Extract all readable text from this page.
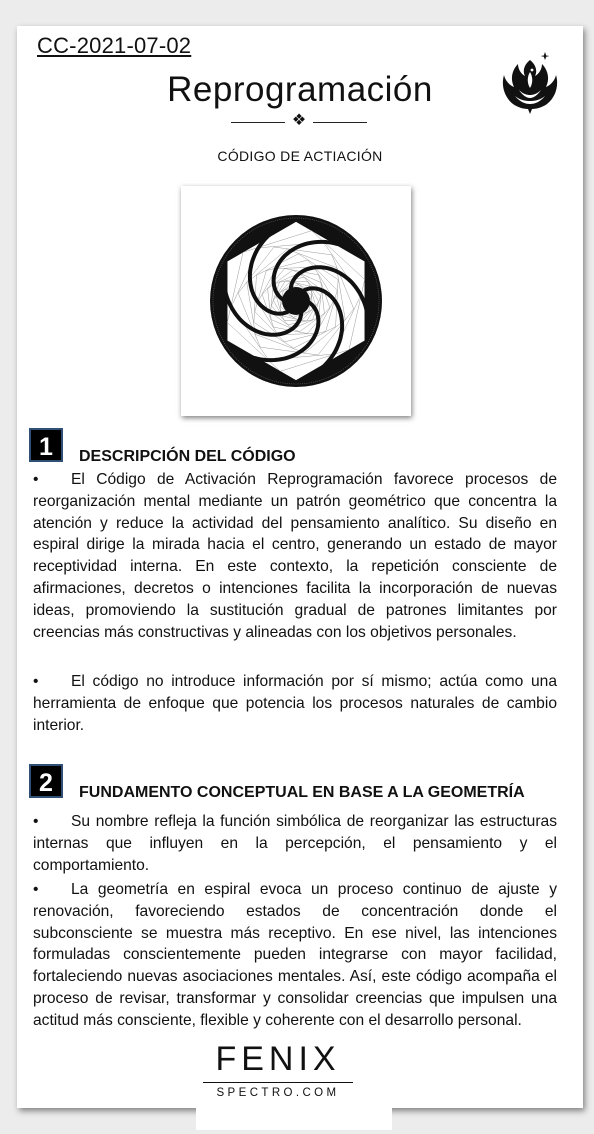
CC-2021-07-02
Reprogramación
❖
CÓDIGO DE ACTIACIÓN
1	DESCRIPCIÓN DEL CÓDIGO

• El Código de Activación Reprogramación favorece procesos de reorganización mental mediante un patrón geométrico que concentra la atención y reduce la actividad del pensamiento analítico. Su diseño en espiral dirige la mirada hacia el centro, generando un estado de mayor receptividad interna. En este contexto, la repetición consciente de afirmaciones, decretos o intenciones facilita la incorporación de nuevas ideas, promoviendo la sustitución gradual de patrones limitantes por creencias más constructivas y alineadas con los objetivos personales.

• El código no introduce información por sí mismo; actúa como una herramienta de enfoque que potencia los procesos naturales de cambio interior.

2	FUNDAMENTO CONCEPTUAL EN BASE A LA GEOMETRÍA

• Su nombre refleja la función simbólica de reorganizar las estructuras internas que influyen en la percepción, el pensamiento y el comportamiento.

• La geometría en espiral evoca un proceso continuo de ajuste y renovación, favoreciendo estados de concentración donde el subconsciente se muestra más receptivo. En ese nivel, las intenciones formuladas conscientemente pueden integrarse con mayor facilidad, fortaleciendo nuevas asociaciones mentales. Así, este código acompaña el proceso de revisar, transformar y consolidar creencias que impulsen una actitud más consciente, flexible y coherente con el desarrollo personal.

FENIX
SPECTRO.COM
